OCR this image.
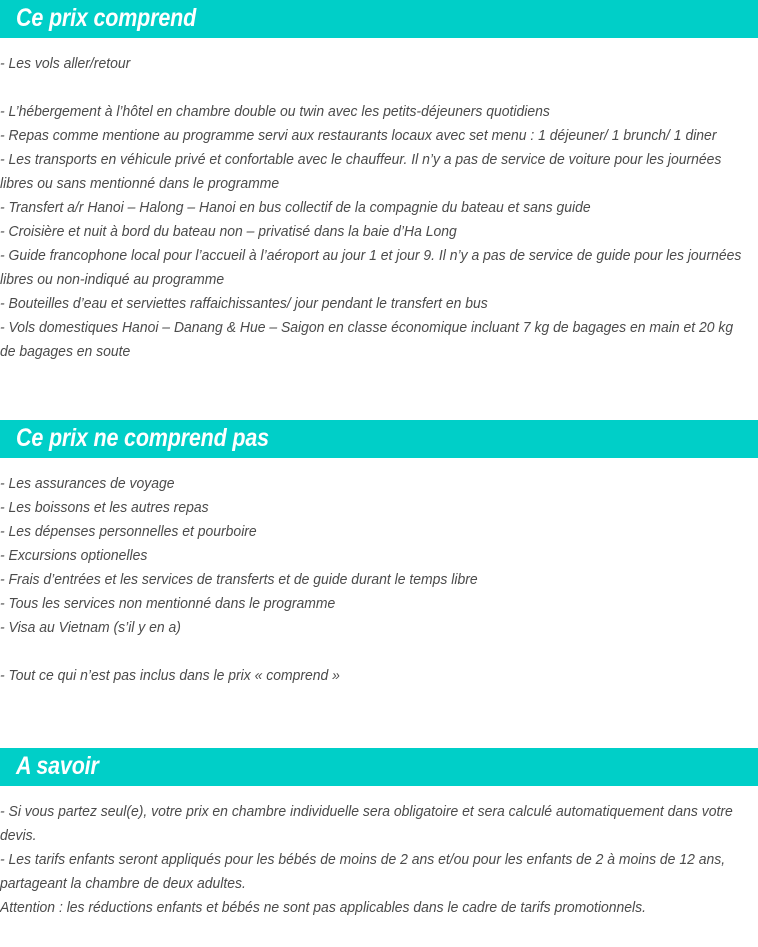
Ce prix comprend

- Les vols aller/retour

- L’hébergement à l’hôtel en chambre double ou twin avec les petits-déjeuners quotidiens

- Repas comme mentione au programme servi aux restaurants locaux avec set menu : 1 déjeuner/ 1 brunch/ 1 diner

- Les transports en véhicule privé et confortable avec le chauffeur. Il n’y a pas de service de voiture pour les journées libres ou sans mentionné dans le programme

- Transfert a/r Hanoi – Halong – Hanoi en bus collectif de la compagnie du bateau et sans guide

- Croisière et nuit à bord du bateau non – privatisé dans la baie d’Ha Long

- Guide francophone local pour l’accueil à l’aéroport au jour 1 et jour 9. Il n’y a pas de service de guide pour les journées libres ou non-indiqué au programme

- Bouteilles d’eau et serviettes raffaichissantes/ jour pendant le transfert en bus

- Vols domestiques Hanoi – Danang & Hue – Saigon en classe économique incluant 7 kg de bagages en main et 20 kg de bagages en soute

Ce prix ne comprend pas

- Les assurances de voyage

- Les boissons et les autres repas

- Les dépenses personnelles et pourboire

- Excursions optionelles

- Frais d’entrées et les services de transferts et de guide durant le temps libre

- Tous les services non mentionné dans le programme

- Visa au Vietnam (s’il y en a)

- Tout ce qui n’est pas inclus dans le prix « comprend »

A savoir

- Si vous partez seul(e), votre prix en chambre individuelle sera obligatoire et sera calculé automatiquement dans votre devis.

- Les tarifs enfants seront appliqués pour les bébés de moins de 2 ans et/ou pour les enfants de 2 à moins de 12 ans, partageant la chambre de deux adultes.

Attention : les réductions enfants et bébés ne sont pas applicables dans le cadre de tarifs promotionnels.
